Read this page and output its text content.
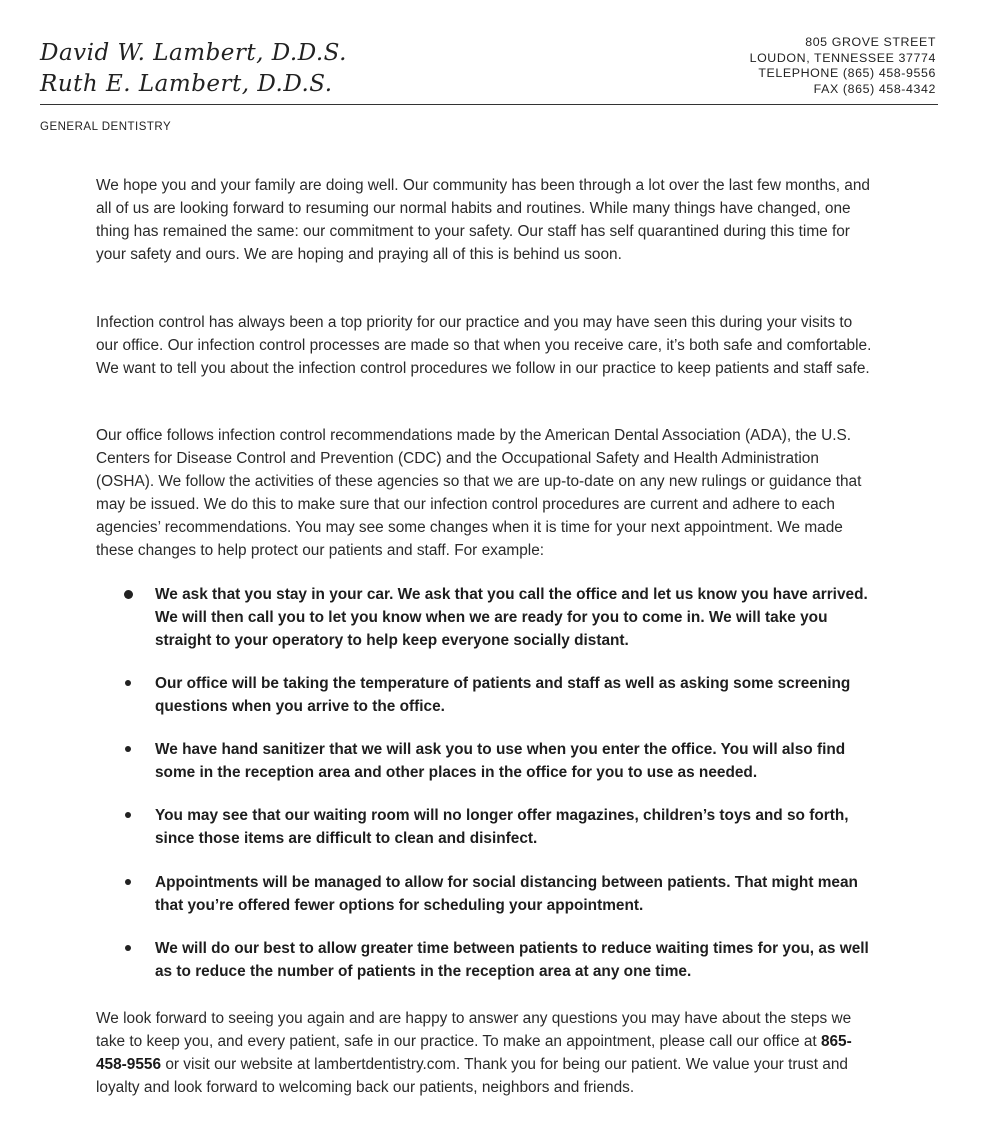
David W. Lambert, D.D.S.
Ruth E. Lambert, D.D.S.
805 GROVE STREET
LOUDON, TENNESSEE 37774
TELEPHONE (865) 458-9556
FAX (865) 458-4342
GENERAL DENTISTRY

We hope you and your family are doing well. Our community has been through a lot over the last few months, and all of us are looking forward to resuming our normal habits and routines. While many things have changed, one thing has remained the same: our commitment to your safety. Our staff has self quarantined during this time for your safety and ours. We are hoping and praying all of this is behind us soon.

Infection control has always been a top priority for our practice and you may have seen this during your visits to our office. Our infection control processes are made so that when you receive care, it’s both safe and comfortable. We want to tell you about the infection control procedures we follow in our practice to keep patients and staff safe.

Our office follows infection control recommendations made by the American Dental Association (ADA), the U.S. Centers for Disease Control and Prevention (CDC) and the Occupational Safety and Health Administration (OSHA). We follow the activities of these agencies so that we are up-to-date on any new rulings or guidance that may be issued. We do this to make sure that our infection control procedures are current and adhere to each agencies’ recommendations. You may see some changes when it is time for your next appointment. We made these changes to help protect our patients and staff. For example:

We ask that you stay in your car. We ask that you call the office and let us know you have arrived. We will then call you to let you know when we are ready for you to come in. We will take you straight to your operatory to help keep everyone socially distant.
Our office will be taking the temperature of patients and staff as well as asking some screening questions when you arrive to the office.
We have hand sanitizer that we will ask you to use when you enter the office. You will also find some in the reception area and other places in the office for you to use as needed.
You may see that our waiting room will no longer offer magazines, children’s toys and so forth, since those items are difficult to clean and disinfect.
Appointments will be managed to allow for social distancing between patients. That might mean that you’re offered fewer options for scheduling your appointment.
We will do our best to allow greater time between patients to reduce waiting times for you, as well as to reduce the number of patients in the reception area at any one time.

We look forward to seeing you again and are happy to answer any questions you may have about the steps we take to keep you, and every patient, safe in our practice. To make an appointment, please call our office at 865-458-9556 or visit our website at lambertdentistry.com. Thank you for being our patient. We value your trust and loyalty and look forward to welcoming back our patients, neighbors and friends.
